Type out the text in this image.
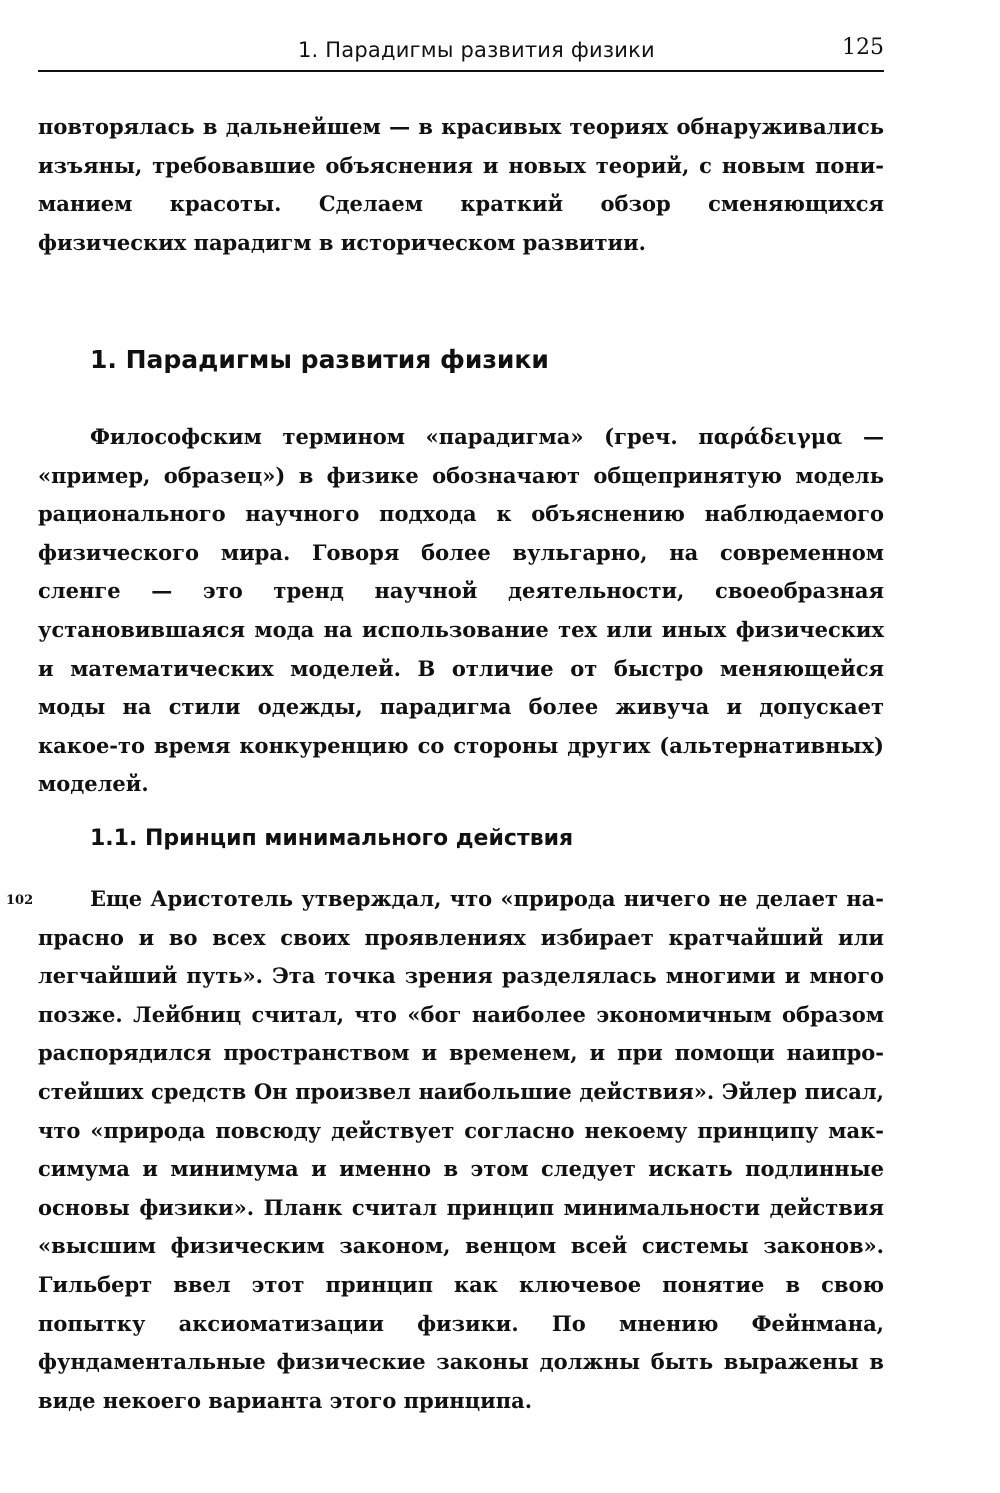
1. Парадигмы развития физики	125

повторялась в дальнейшем — в красивых теориях обнаруживались изъяны, требовавшие объяснения и новых теорий, с новым пониманием красоты. Сделаем краткий обзор сменяющихся физических парадигм в историческом развитии.

1. Парадигмы развития физики

Философским термином «парадигма» (греч. παράδειγμα — «пример, образец») в физике обозначают общепринятую модель рационального научного подхода к объяснению наблюдаемого физического мира. Говоря более вульгарно, на современном сленге — это тренд научной деятельности, своеобразная установившаяся мода на использование тех или иных физических и математических моделей. В отличие от быстро меняющейся моды на стили одежды, парадигма более живуча и допускает какое-то время конкуренцию со стороны других (альтернативных) моделей.

1.1. Принцип минимального действия
102	Еще Аристотель утверждал, что «природа ничего не делает напрасно и во всех своих проявлениях избирает кратчайший или легчайший путь». Эта точка зрения разделялась многими и много позже. Лейбниц считал, что «бог наиболее экономичным образом распорядился пространством и временем, и при помощи наипростейших средств Он произвел наибольшие действия». Эйлер писал, что «природа повсюду действует согласно некоему принципу максимума и минимума и именно в этом следует искать подлинные основы физики». Планк считал принцип минимальности действия «высшим физическим законом, венцом всей системы законов». Гильберт ввел этот принцип как ключевое понятие в свою попытку аксиоматизации физики. По мнению Фейнмана, фундаментальные физические законы должны быть выражены в виде некоего варианта этого принципа.
